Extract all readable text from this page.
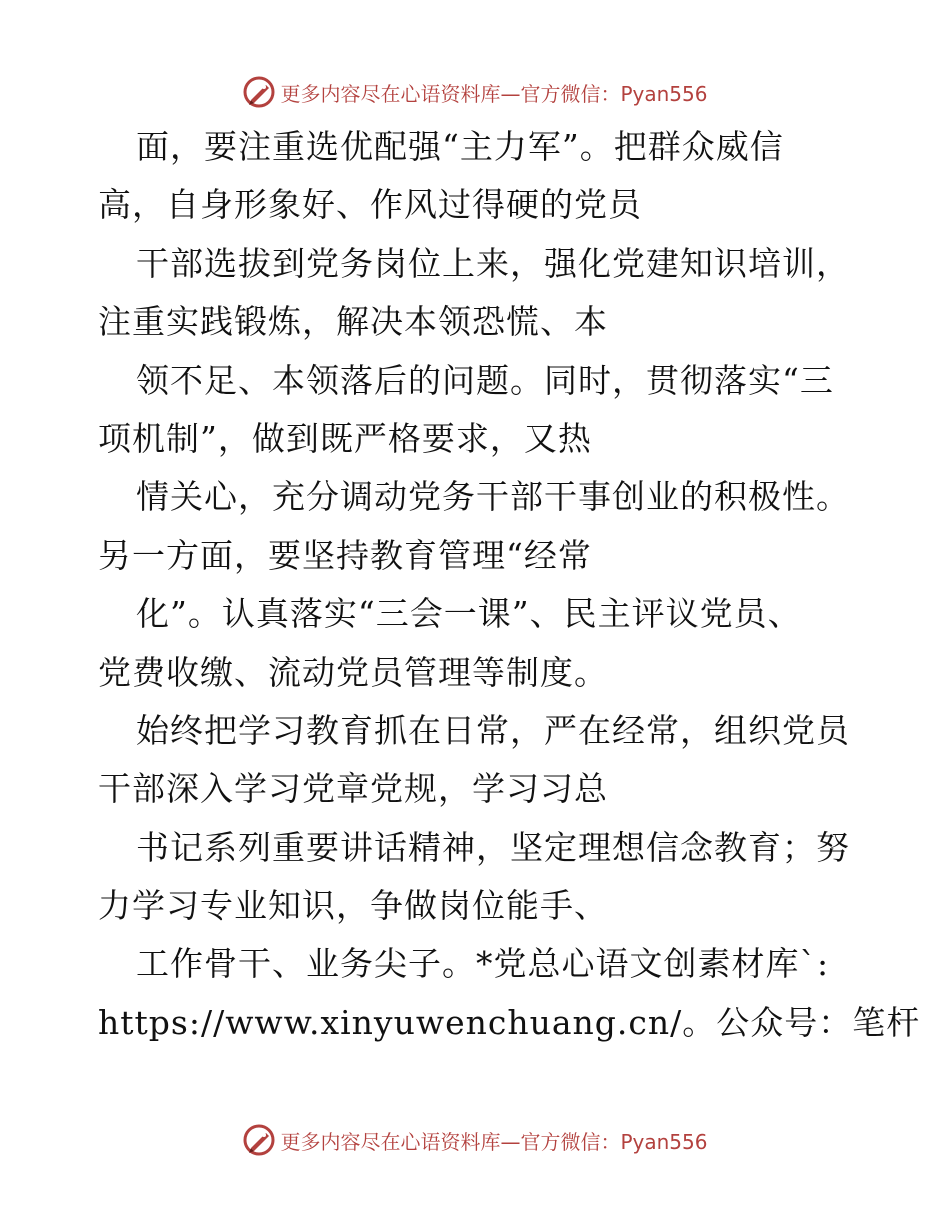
更多内容尽在心语资料库—官方微信：Pyan556
面，要注重选优配强“主力军”。把群众威信
高，自身形象好、作风过得硬的党员
干部选拔到党务岗位上来，强化党建知识培训，
注重实践锻炼，解决本领恐慌、本
领不足、本领落后的问题。同时，贯彻落实“三
项机制”，做到既严格要求，又热
情关心，充分调动党务干部干事创业的积极性。
另一方面，要坚持教育管理“经常
化”。认真落实“三会一课”、民主评议党员、
党费收缴、流动党员管理等制度。
始终把学习教育抓在日常，严在经常，组织党员
干部深入学习党章党规，学习习总
书记系列重要讲话精神，坚定理想信念教育；努
力学习专业知识，争做岗位能手、
工作骨干、业务尖子。*党总心语文创素材库`:
https://www.xinyuwenchuang.cn/。公众号：笔杆
更多内容尽在心语资料库—官方微信：Pyan556
